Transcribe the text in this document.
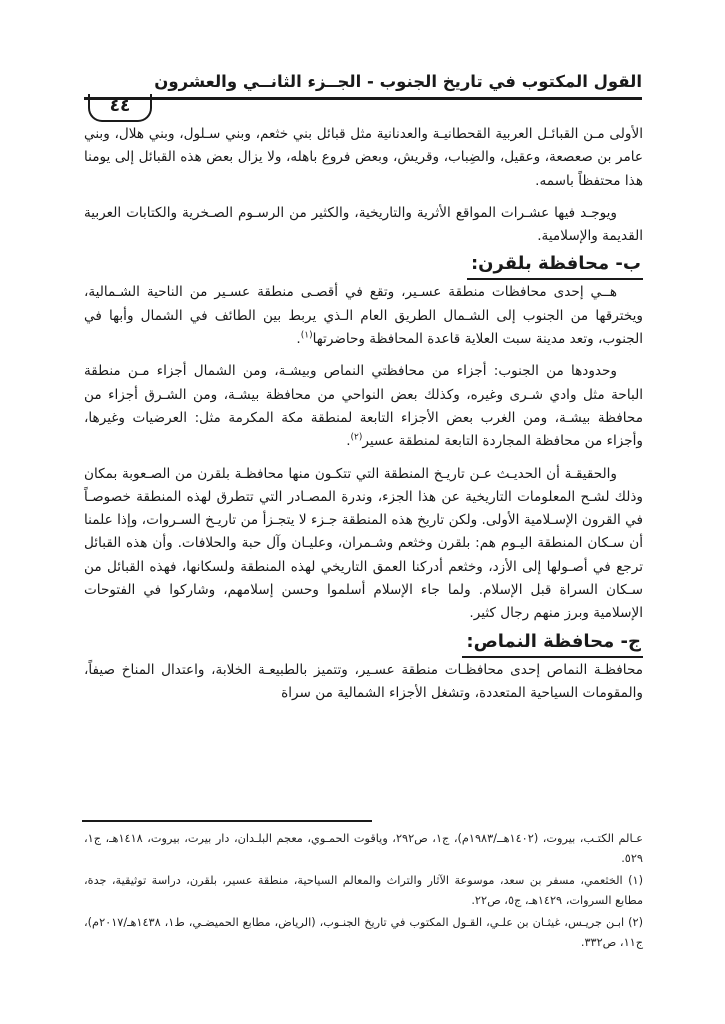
القول المكتوب في تاريخ الجنوب - الجــزء الثانــي والعشرون
٤٤

الأولى مـن القبائـل العربية القحطانيـة والعدنانية مثل قبائل بني خثعم، وبني سـلول، وبني هلال، وبني عامر بن صعصعة، وعقيل، والضِباب، وقريش، وبعض فروع باهله، ولا يزال بعض هذه القبائل إلى يومنا هذا محتفظاً باسمه.

ويوجـد فيها عشـرات المواقع الأثرية والتاريخية، والكثير من الرسـوم الصـخرية والكتابات العربية القديمة والإسلامية.

ب- محافظة بلقرن:

هــي إحدى محافظات منطقة عسـير، وتقع في أقصـى منطقة عسـير من الناحية الشـمالية، ويخترقها من الجنوب إلى الشـمال الطريق العام الـذي يربط بين الطائف في الشمال وأبها في الجنوب، وتعد مدينة سبت العلاية قاعدة المحافظة وحاضرتها$^{(١)}$.

وحدودها من الجنوب: أجزاء من محافظتي النماص وبيشـة، ومن الشمال أجزاء مـن منطقة الباحة مثل وادي شـرى وغيره، وكذلك بعض النواحي من محافظة بيشـة، ومن الشـرق أجزاء من محافظة بيشـة، ومن الغرب بعض الأجزاء التابعة لمنطقة مكة المكرمة مثل: العرضيات وغيرها، وأجزاء من محافظة المجاردة التابعة لمنطقة عسير$^{(٢)}$.

والحقيقـة أن الحديـث عـن تاريـخ المنطقة التي تتكـون منها محافظـة بلقرن من الصـعوبة بمكان وذلك لشـح المعلومات التاريخية عن هذا الجزء، وندرة المصـادر التي تتطرق لهذه المنطقة خصوصـاً في القرون الإسـلامية الأولى. ولكن تاريخ هذه المنطقة جـزء لا يتجـزأ من تاريـخ السـروات، وإذا علمنا أن سـكان المنطقة اليـوم هم: بلقرن وخثعم وشـمران، وعليـان وآل حبة والحلافات. وأن هذه القبائل ترجع في أصـولها إلى الأزد، وخثعم أدركنا العمق التاريخي لهذه المنطقة ولسكانها، فهذه القبائل من سـكان السراة قبل الإسلام. ولما جاء الإسلام أسلموا وحسن إسلامهم، وشاركوا في الفتوحات الإسلامية وبرز منهم رجال كثير.

ج- محافظة النماص:

محافظـة النماص إحدى محافظـات منطقة عسـير، وتتميز بالطبيعـة الخلابة، واعتدال المناخ صيفاً، والمقومات السياحية المتعددة، وتشغل الأجزاء الشمالية من سراة

عـالم الكتـب، بيروت، (١٤٠٢هــ/١٩٨٣م)، ج١، ص٢٩٢، وياقوت الحمـوي، معجم البلـدان، دار بيرت، بيروت، ١٤١٨هـ، ج١، ٥٢٩.

(١) الخثعمي، مسفر بن سعد، موسوعة الآثار والتراث والمعالم السياحية، منطقة عسير، بلقرن، دراسة توثيقية، جدة، مطابع السروات، ١٤٢٩هـ، ج٥، ص٢٢.

(٢) ابـن جريـس، غيثـان بن علـي، القـول المكتوب في تاريخ الجنـوب، (الرياض، مطابع الحميضـي، ط١، ١٤٣٨هـ/٢٠١٧م)، ج١١، ص٣٣٢.
